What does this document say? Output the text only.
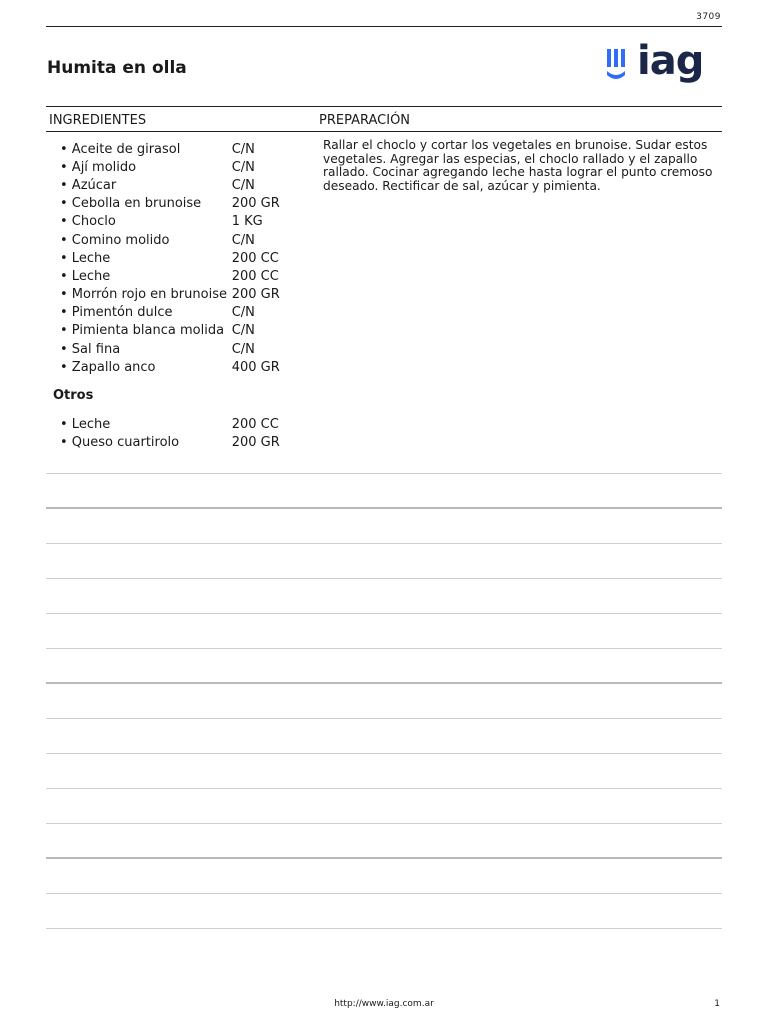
3709
Humita en olla	iag
INGREDIENTES	PREPARACIÓN
• Aceite de girasol	C/N
• Ají molido	C/N
• Azúcar	C/N
• Cebolla en brunoise	200 GR
• Choclo	1 KG
• Comino molido	C/N
• Leche	200 CC
• Leche	200 CC
• Morrón rojo en brunoise 200 GR
• Pimentón dulce	C/N
• Pimienta blanca molida C/N
• Sal fina	C/N
• Zapallo anco	400 GR
Otros
• Leche	200 CC
• Queso cuartirolo	200 GR
Rallar el choclo y cortar los vegetales en brunoise. Sudar estos vegetales. Agregar las especias, el choclo rallado y el zapallo rallado. Cocinar agregando leche hasta lograr el punto cremoso deseado. Rectificar de sal, azúcar y pimienta.
http://www.iag.com.ar	1
